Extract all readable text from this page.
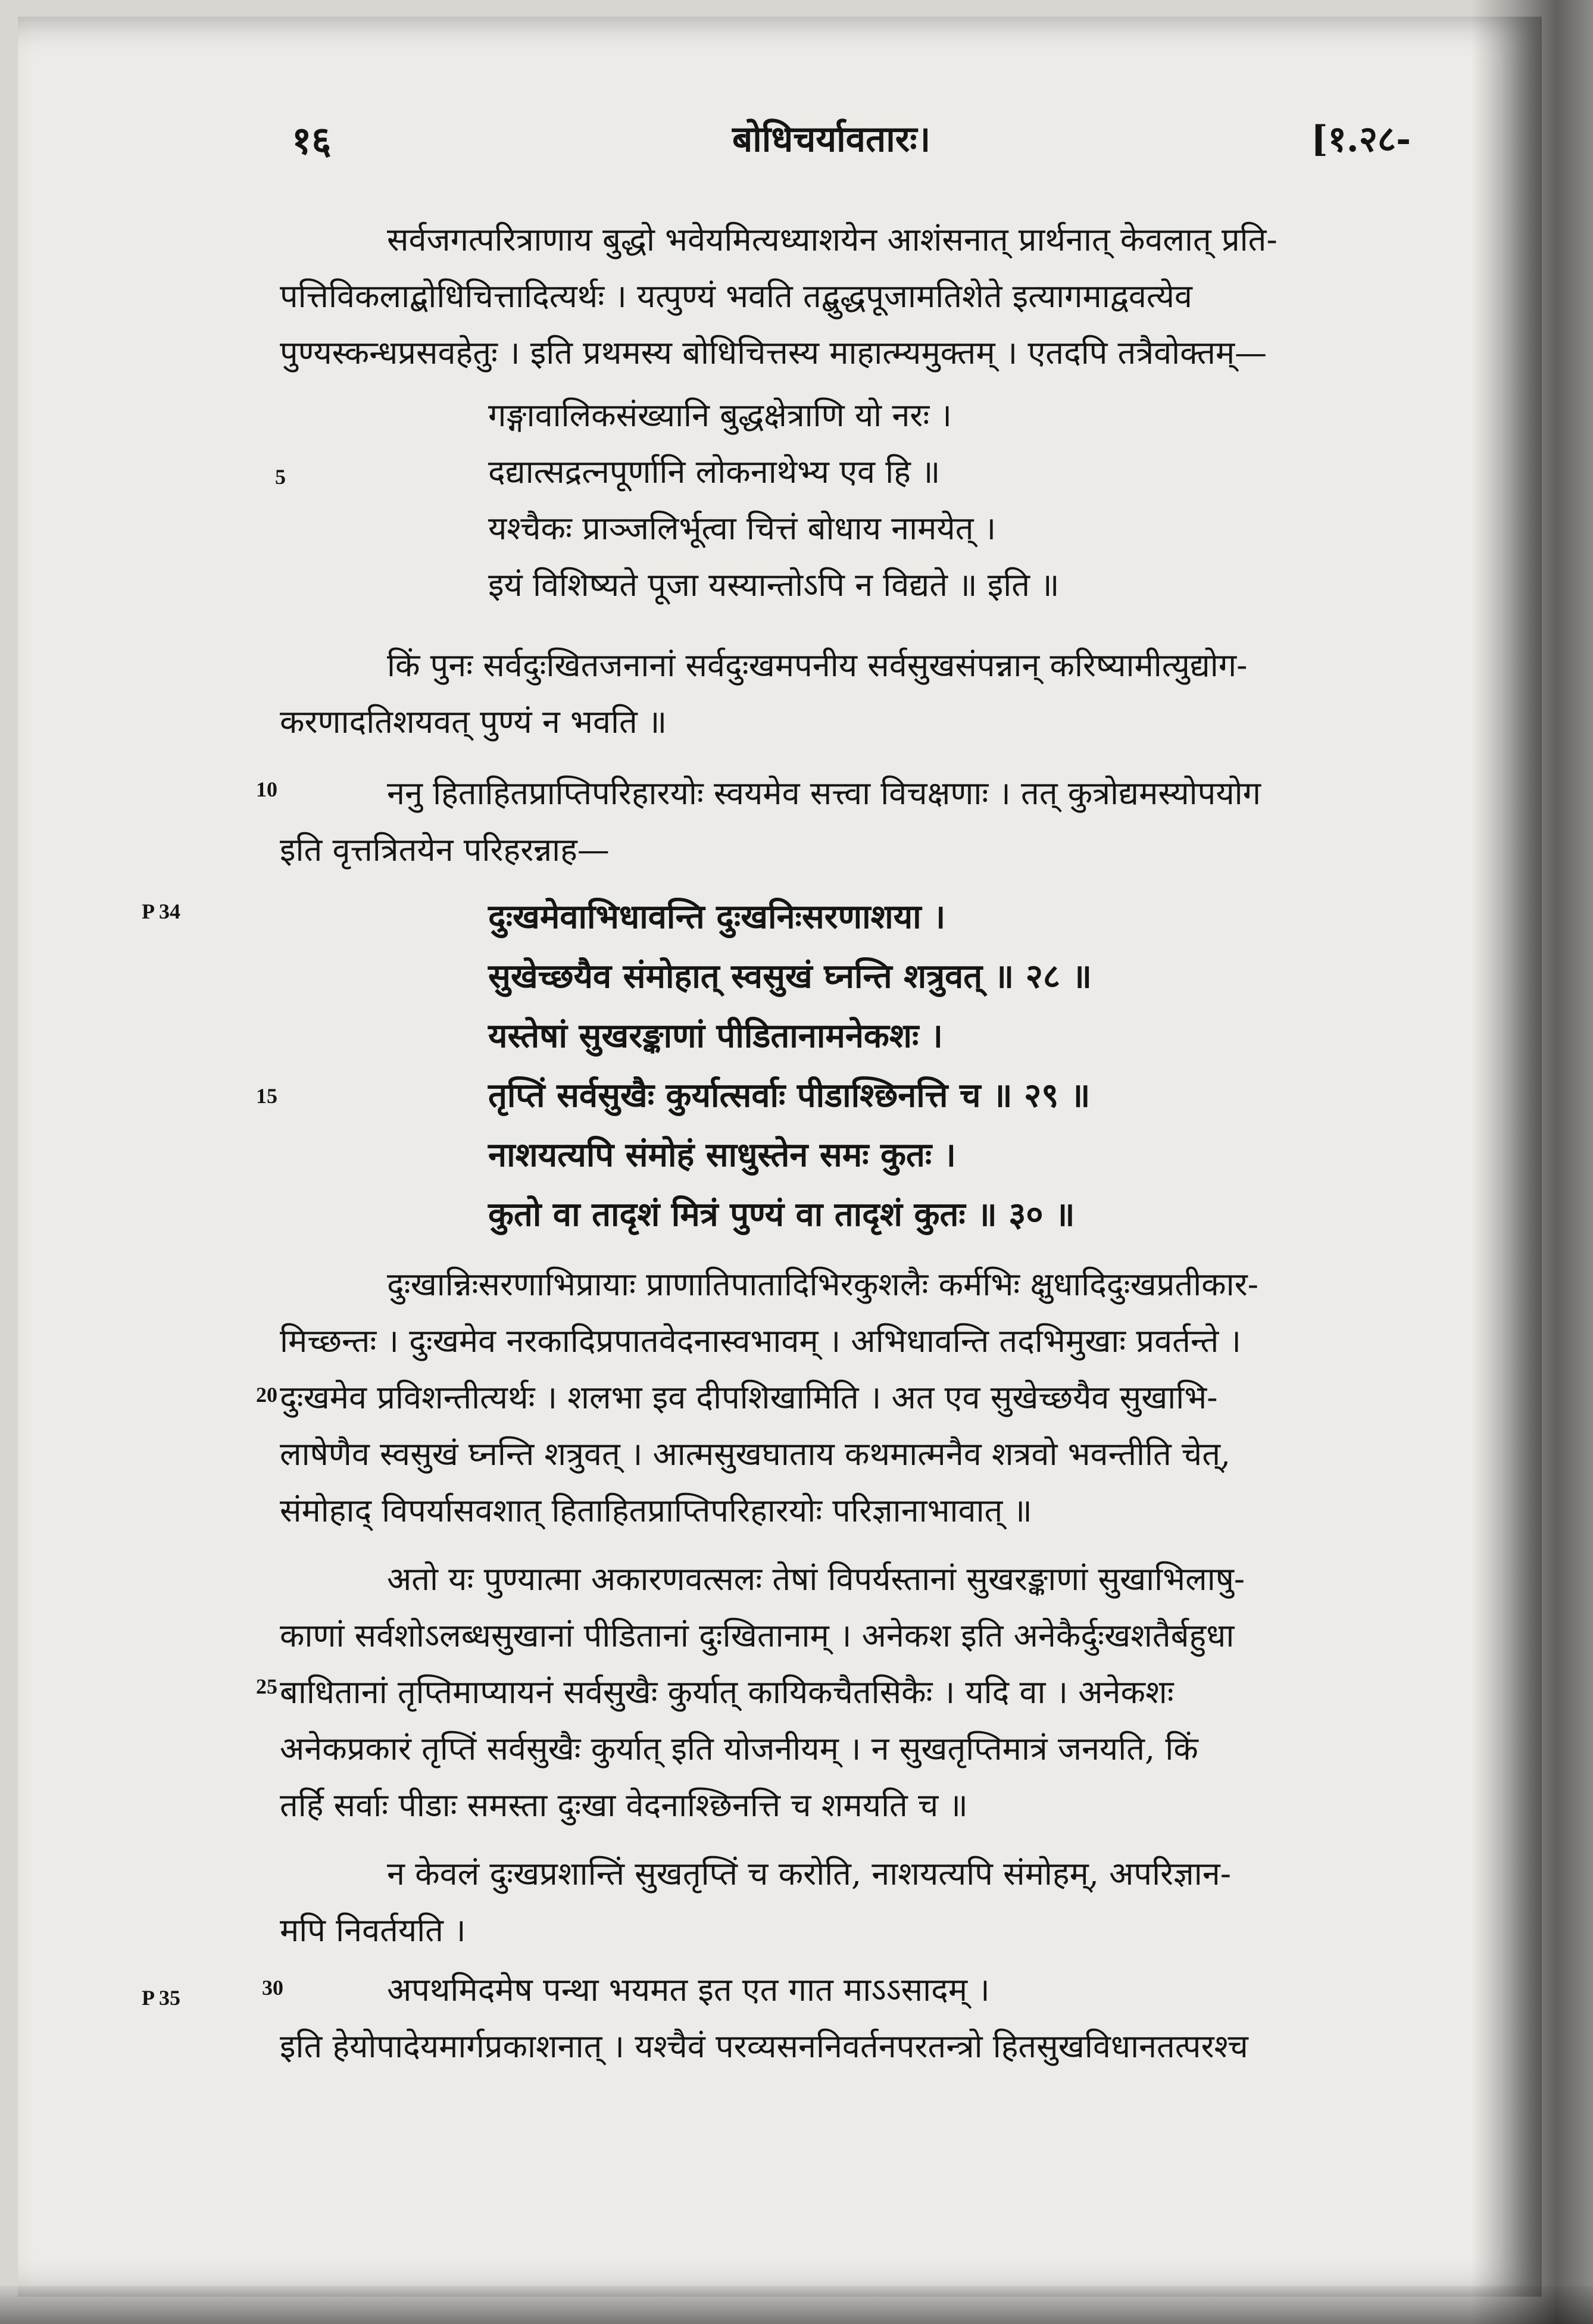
१६	बोधिचर्यावतारः।	[१.२८-
सर्वजगत्परित्राणाय बुद्धो भवेयमित्यध्याशयेन आशंसनात् प्रार्थनात् केवलात् प्रति-
पत्तिविकलाद्बोधिचित्तादित्यर्थः । यत्पुण्यं भवति तद्बुद्धपूजामतिशेते इत्यागमाद्ववत्येव
पुण्यस्कन्धप्रसवहेतुः । इति प्रथमस्य बोधिचित्तस्य माहात्म्यमुक्तम् । एतदपि तत्रैवोक्तम्—
गङ्गावालिकसंख्यानि बुद्धक्षेत्राणि यो नरः ।
दद्यात्सद्रत्नपूर्णानि लोकनाथेभ्य एव हि ॥
यश्चैकः प्राञ्जलिर्भूत्वा चित्तं बोधाय नामयेत् ।
इयं विशिष्यते पूजा यस्यान्तोऽपि न विद्यते ॥ इति ॥
5
किं पुनः सर्वदुःखितजनानां सर्वदुःखमपनीय सर्वसुखसंपन्नान् करिष्यामीत्युद्योग-
करणादतिशयवत् पुण्यं न भवति ॥
10	ननु हिताहितप्राप्तिपरिहारयोः स्वयमेव सत्त्वा विचक्षणाः । तत् कुत्रोद्यमस्योपयोग
इति वृत्तत्रितयेन परिहरन्नाह—
P 34	दुःखमेवाभिधावन्ति दुःखनिःसरणाशया ।
सुखेच्छयैव संमोहात् स्वसुखं घ्नन्ति शत्रुवत् ॥ २८ ॥
यस्तेषां सुखरङ्काणां पीडितानामनेकशः ।
तृप्तिं सर्वसुखैः कुर्यात्सर्वाः पीडाश्छिनत्ति च ॥ २९ ॥
नाशयत्यपि संमोहं साधुस्तेन समः कुतः ।
कुतो वा तादृशं मित्रं पुण्यं वा तादृशं कुतः ॥ ३० ॥
15
दुःखान्निःसरणाभिप्रायाः प्राणातिपातादिभिरकुशलैः कर्मभिः क्षुधादिदुःखप्रतीकार-
मिच्छन्तः । दुःखमेव नरकादिप्रपातवेदनास्वभावम् । अभिधावन्ति तदभिमुखाः प्रवर्तन्ते ।
दुःखमेव प्रविशन्तीत्यर्थः । शलभा इव दीपशिखामिति । अत एव सुखेच्छयैव सुखाभि-
लाषेणैव स्वसुखं घ्नन्ति शत्रुवत् । आत्मसुखघाताय कथमात्मनैव शत्रवो भवन्तीति चेत्,
संमोहाद् विपर्यासवशात् हिताहितप्राप्तिपरिहारयोः परिज्ञानाभावात् ॥
20
अतो यः पुण्यात्मा अकारणवत्सलः तेषां विपर्यस्तानां सुखरङ्काणां सुखाभिलाषु-
काणां सर्वशोऽलब्धसुखानां पीडितानां दुःखितानाम् । अनेकश इति अनेकैर्दुःखशतैर्बहुधा
बाधितानां तृप्तिमाप्यायनं सर्वसुखैः कुर्यात् कायिकचैतसिकैः । यदि वा । अनेकशः
अनेकप्रकारं तृप्तिं सर्वसुखैः कुर्यात् इति योजनीयम् । न सुखतृप्तिमात्रं जनयति, किं
तर्हि सर्वाः पीडाः समस्ता दुःखा वेदनाश्छिनत्ति च शमयति च ॥
25
न केवलं दुःखप्रशान्तिं सुखतृप्तिं च करोति, नाशयत्यपि संमोहम्, अपरिज्ञान-
मपि निवर्तयति ।
P 35	30	अपथमिदमेष पन्था भयमत इत एत गात माऽऽसादम् ।
इति हेयोपादेयमार्गप्रकाशनात् । यश्चैवं परव्यसननिवर्तनपरतन्त्रो हितसुखविधानतत्परश्च
